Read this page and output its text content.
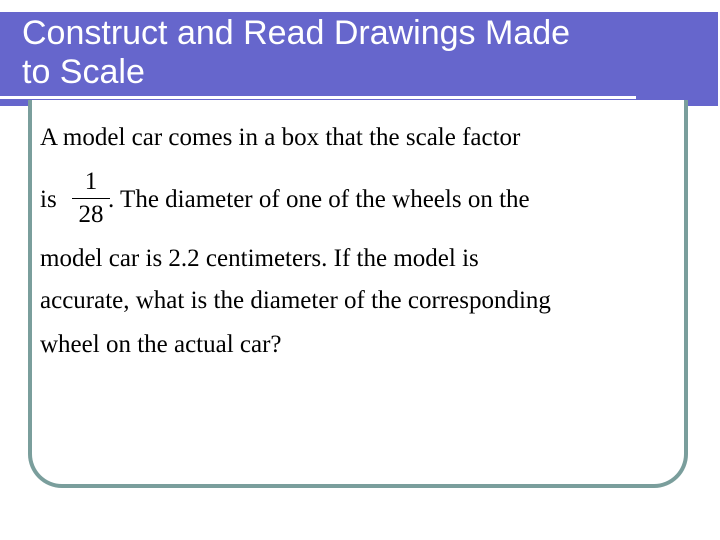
Construct and Read Drawings Made
to Scale
A model car comes in a box that the scale factor
is
1
28
. The diameter of one of the wheels on the
model car is 2.2 centimeters. If the model is
accurate, what is the diameter of the corresponding
wheel on the actual car?
